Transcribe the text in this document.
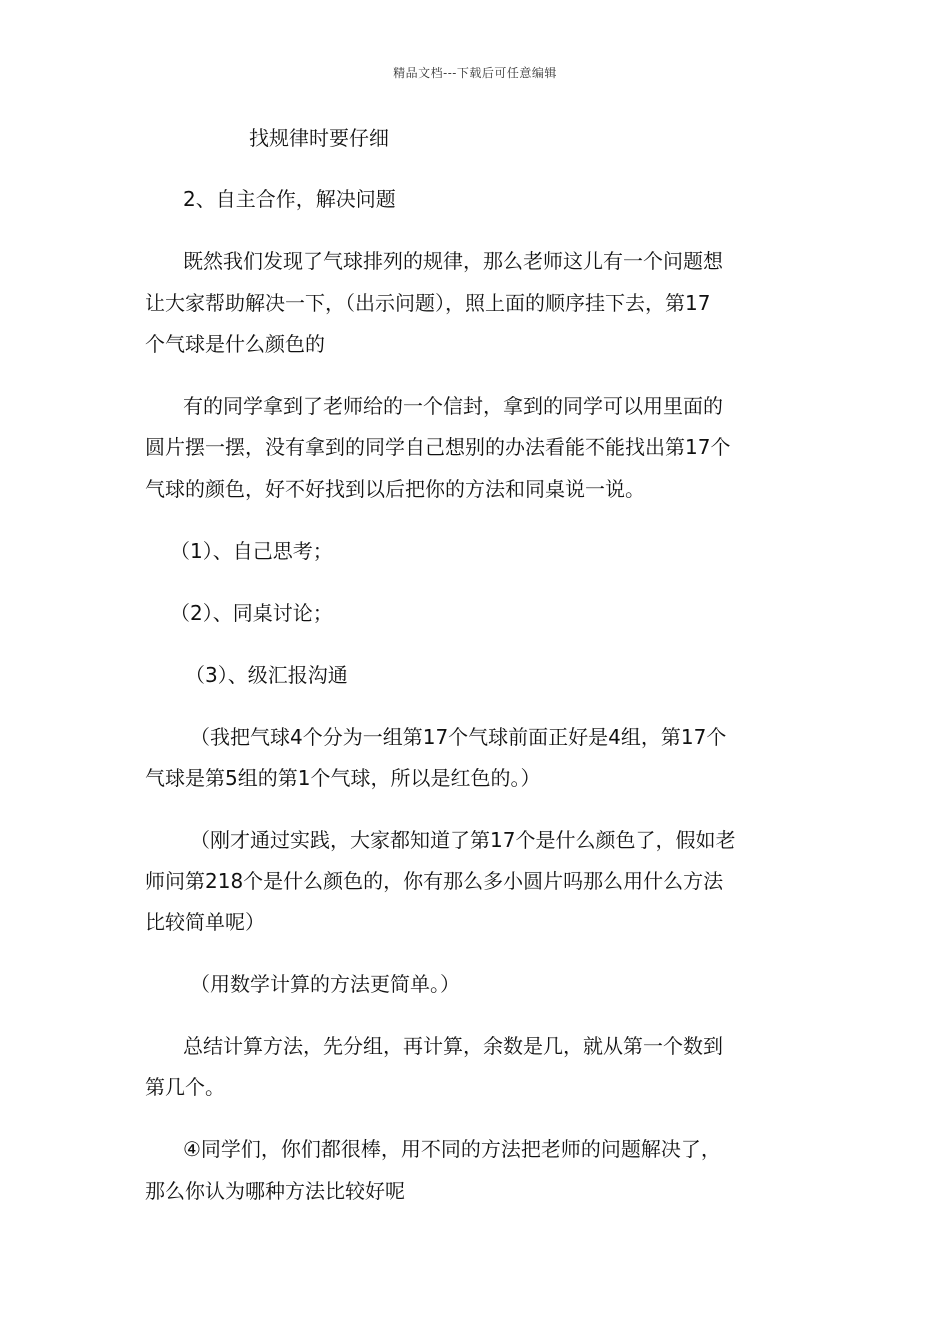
精品文档---下载后可任意编辑
找规律时要仔细
2、自主合作，解决问题
既然我们发现了气球排列的规律，那么老师这儿有一个问题想
让大家帮助解决一下，（出示问题），照上面的顺序挂下去，第17
个气球是什么颜色的
有的同学拿到了老师给的一个信封，拿到的同学可以用里面的
圆片摆一摆，没有拿到的同学自己想别的办法看能不能找出第17个
气球的颜色，好不好找到以后把你的方法和同桌说一说。
（1）、自己思考；
（2）、同桌讨论；
（3）、级汇报沟通
（我把气球4个分为一组第17个气球前面正好是4组，第17个
气球是第5组的第1个气球，所以是红色的。）
（刚才通过实践，大家都知道了第17个是什么颜色了，假如老
师问第218个是什么颜色的，你有那么多小圆片吗那么用什么方法
比较简单呢）
（用数学计算的方法更简单。）
总结计算方法，先分组，再计算，余数是几，就从第一个数到
第几个。
④同学们，你们都很棒，用不同的方法把老师的问题解决了，
那么你认为哪种方法比较好呢
